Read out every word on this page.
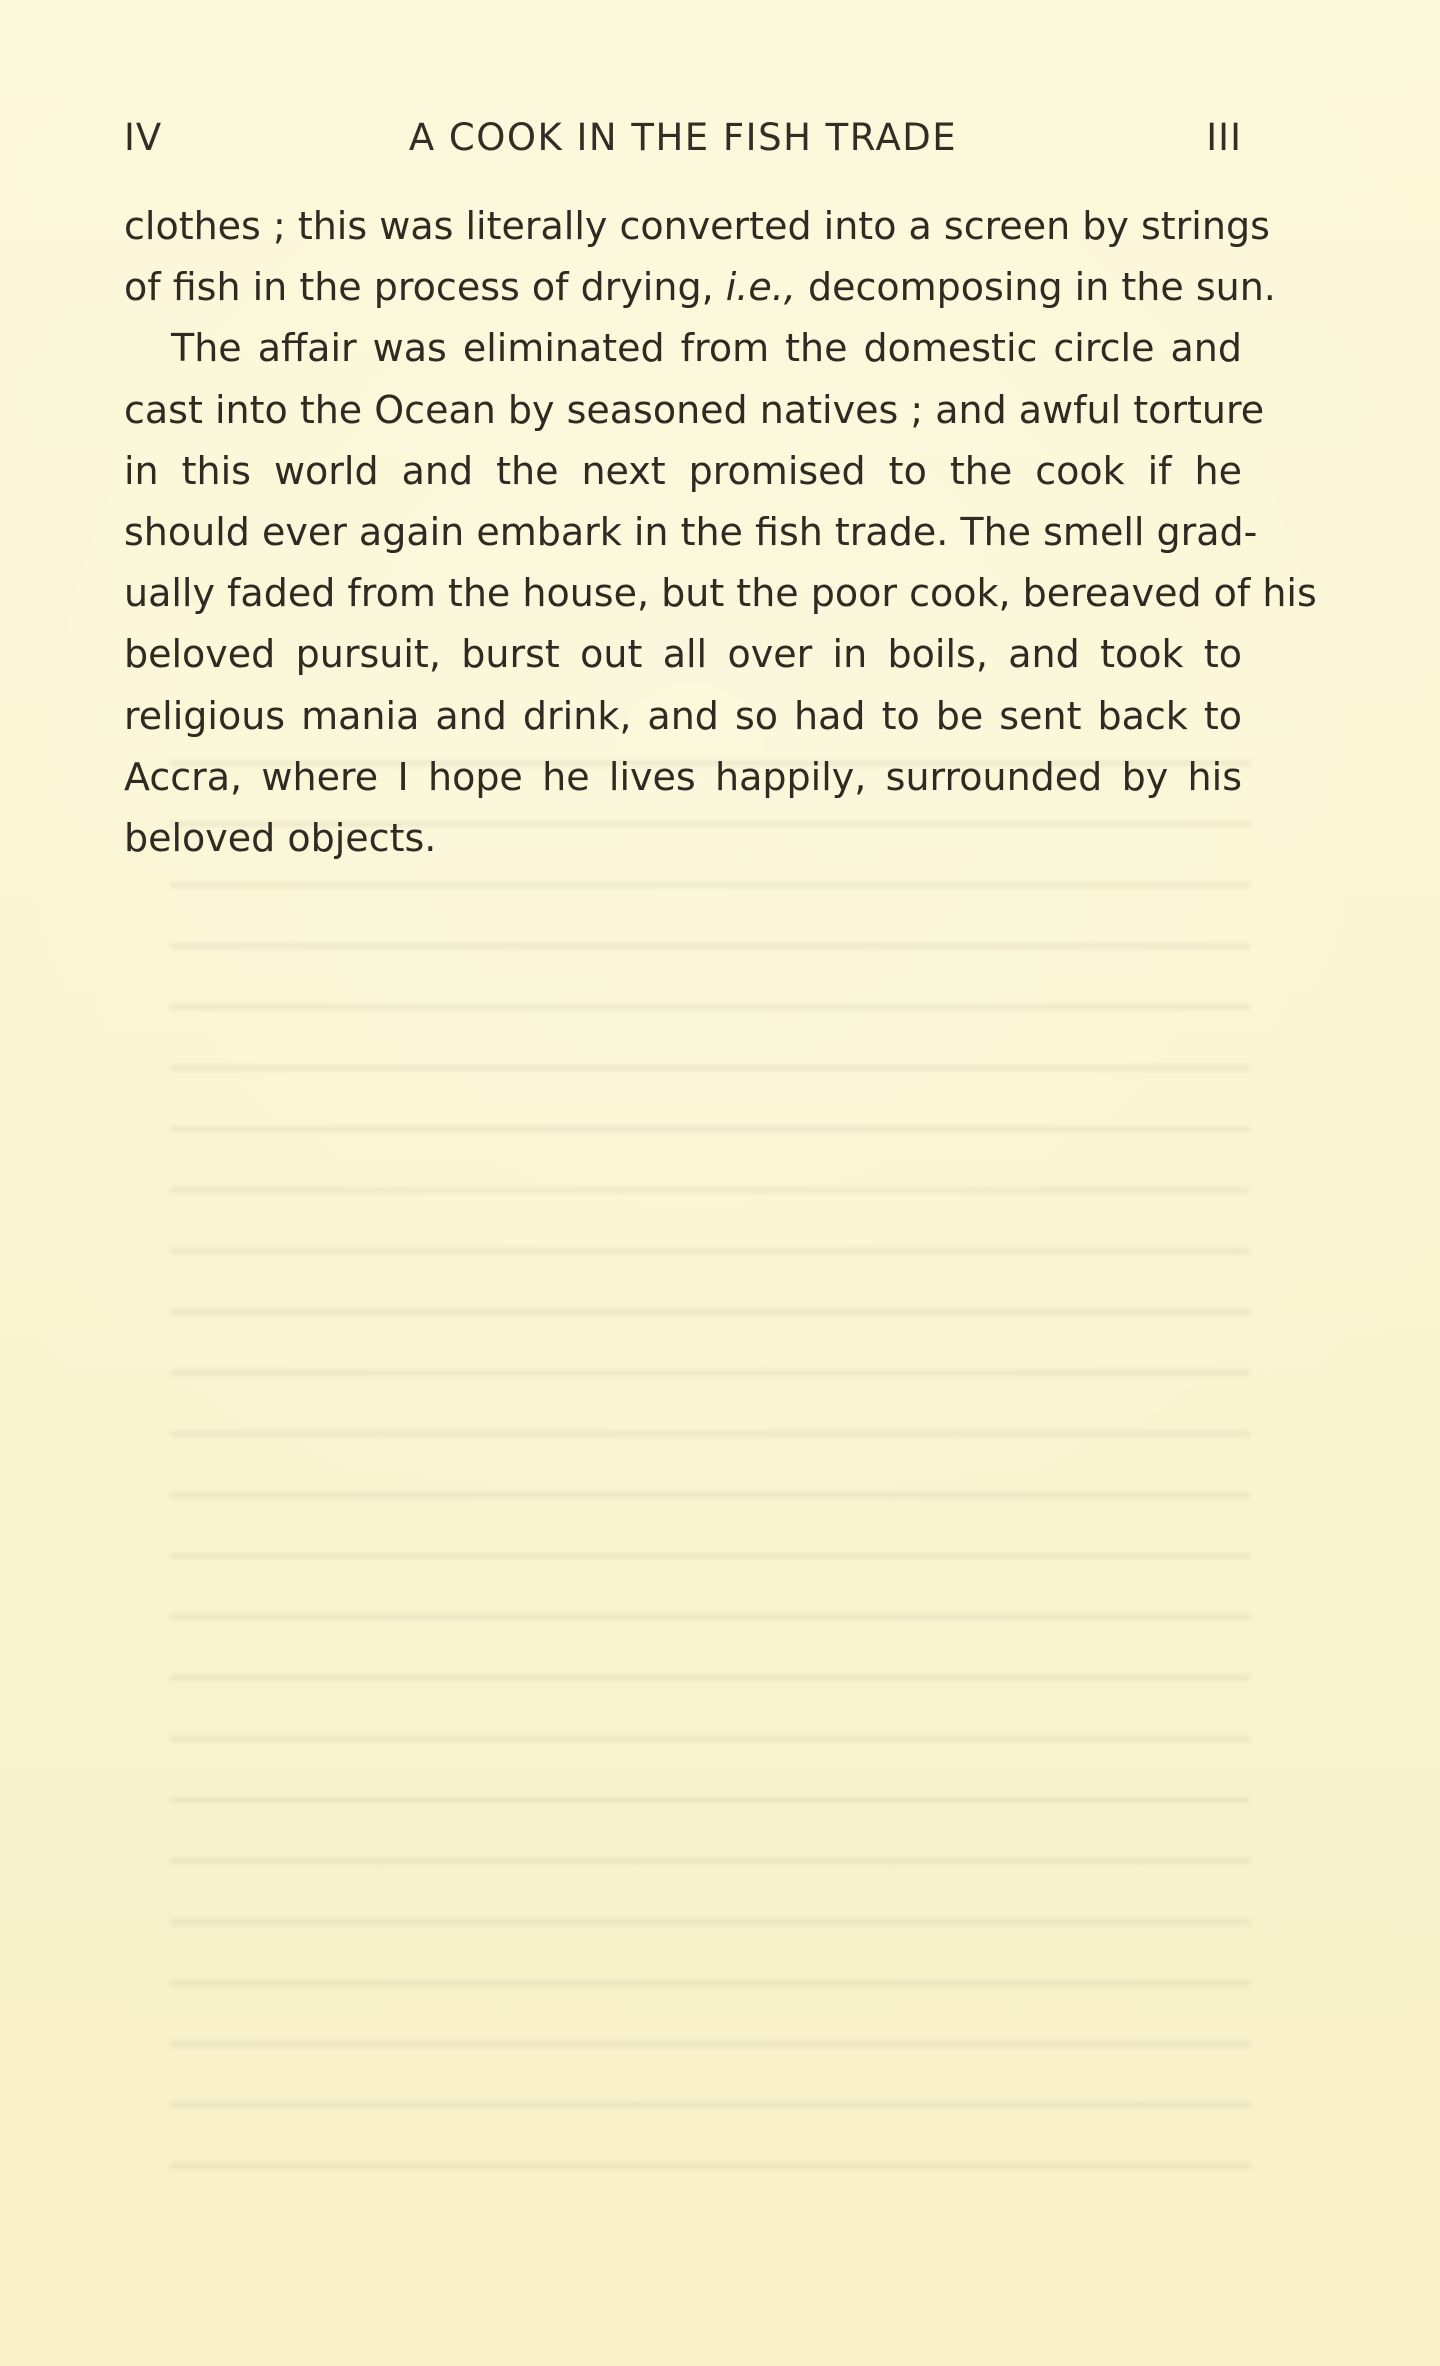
IV	A COOK IN THE FISH TRADE	III
clothes ; this was literally converted into a screen by strings
of fish in the process of drying, i.e., decomposing in the sun.
The affair was eliminated from the domestic circle and
cast into the Ocean by seasoned natives ; and awful torture
in this world and the next promised to the cook if he
should ever again embark in the fish trade. The smell grad-
ually faded from the house, but the poor cook, bereaved of his
beloved pursuit, burst out all over in boils, and took to
religious mania and drink, and so had to be sent back to
Accra, where I hope he lives happily, surrounded by his
beloved objects.
